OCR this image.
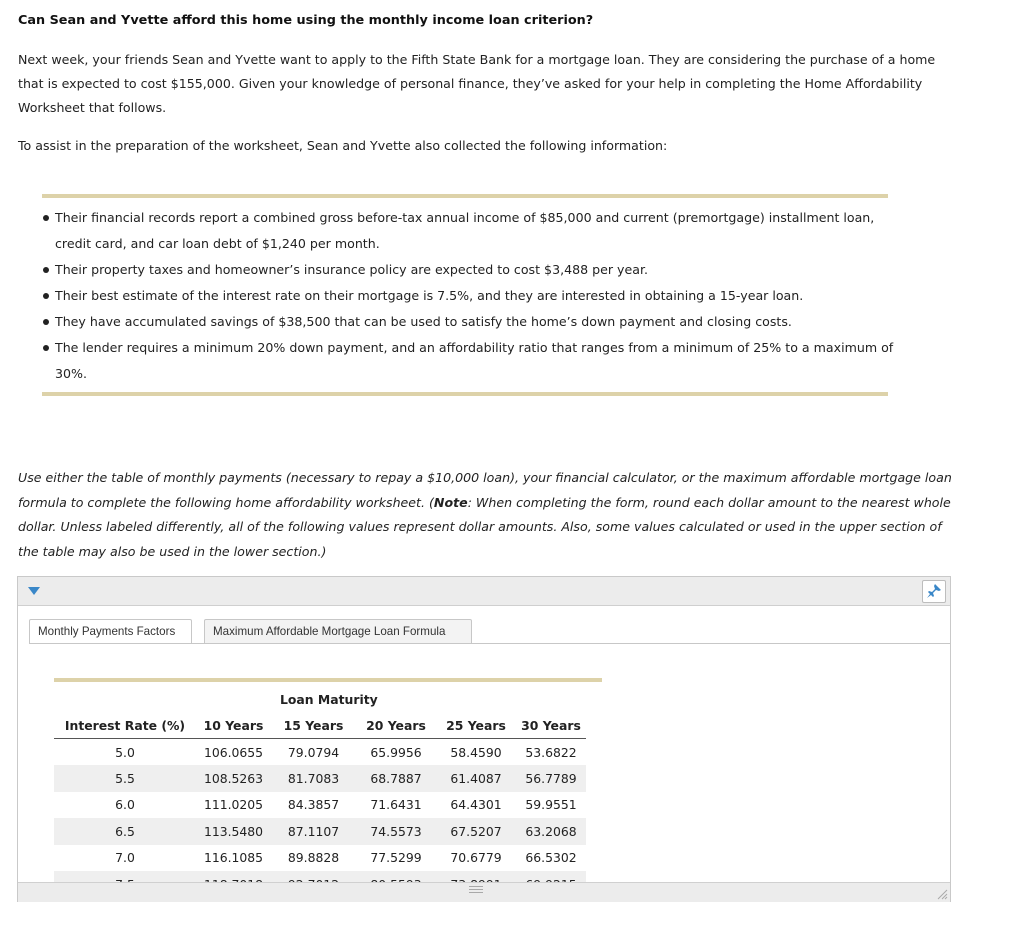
Can Sean and Yvette afford this home using the monthly income loan criterion?

Next week, your friends Sean and Yvette want to apply to the Fifth State Bank for a mortgage loan. They are considering the purchase of a home that is expected to cost $155,000. Given your knowledge of personal finance, they’ve asked for your help in completing the Home Affordability Worksheet that follows.

To assist in the preparation of the worksheet, Sean and Yvette also collected the following information:

Their financial records report a combined gross before-tax annual income of $85,000 and current (premortgage) installment loan, credit card, and car loan debt of $1,240 per month.
Their property taxes and homeowner’s insurance policy are expected to cost $3,488 per year.
Their best estimate of the interest rate on their mortgage is 7.5%, and they are interested in obtaining a 15-year loan.
They have accumulated savings of $38,500 that can be used to satisfy the home’s down payment and closing costs.
The lender requires a minimum 20% down payment, and an affordability ratio that ranges from a minimum of 25% to a maximum of 30%.

Use either the table of monthly payments (necessary to repay a $10,000 loan), your financial calculator, or the maximum affordable mortgage loan formula to complete the following home affordability worksheet. (Note: When completing the form, round each dollar amount to the nearest whole dollar. Unless labeled differently, all of the following values represent dollar amounts. Also, some values calculated or used in the upper section of the table may also be used in the lower section.)

Monthly Payments Factors	Maximum Affordable Mortgage Loan Formula
Loan Maturity
Interest Rate (%)	10 Years	15 Years	20 Years	25 Years	30 Years
5.0	106.0655	79.0794	65.9956	58.4590	53.6822
5.5	108.5263	81.7083	68.7887	61.4087	56.7789
6.0	111.0205	84.3857	71.6431	64.4301	59.9551
6.5	113.5480	87.1107	74.5573	67.5207	63.2068
7.0	116.1085	89.8828	77.5299	70.6779	66.5302
